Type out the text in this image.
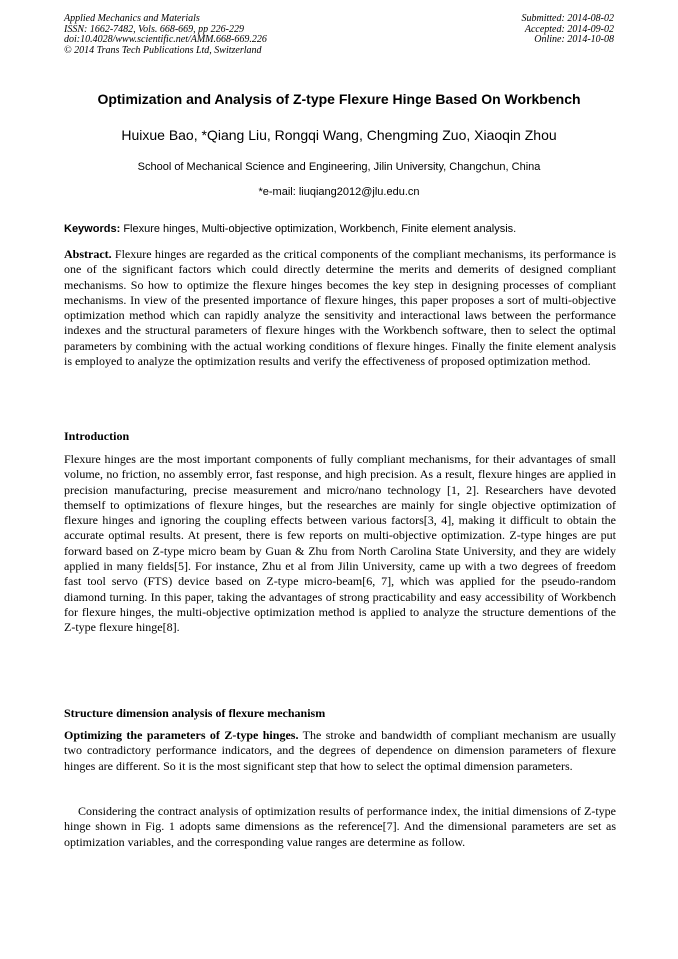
Applied Mechanics and Materials
ISSN: 1662-7482, Vols. 668-669, pp 226-229
doi:10.4028/www.scientific.net/AMM.668-669.226
© 2014 Trans Tech Publications Ltd, Switzerland
Submitted: 2014-08-02
Accepted: 2014-09-02
Online: 2014-10-08
Optimization and Analysis of Z-type Flexure Hinge Based On Workbench
Huixue Bao, *Qiang Liu, Rongqi Wang, Chengming Zuo, Xiaoqin Zhou
School of Mechanical Science and Engineering, Jilin University, Changchun, China
*e-mail: liuqiang2012@jlu.edu.cn
Keywords: Flexure hinges, Multi-objective optimization, Workbench, Finite element analysis.

Abstract. Flexure hinges are regarded as the critical components of the compliant mechanisms, its performance is one of the significant factors which could directly determine the merits and demerits of designed compliant mechanisms. So how to optimize the flexure hinges becomes the key step in designing processes of compliant mechanisms. In view of the presented importance of flexure hinges, this paper proposes a sort of multi-objective optimization method which can rapidly analyze the sensitivity and interactional laws between the performance indexes and the structural parameters of flexure hinges with the Workbench software, then to select the optimal parameters by combining with the actual working conditions of flexure hinges. Finally the finite element analysis is employed to analyze the optimization results and verify the effectiveness of proposed optimization method.

Introduction

Flexure hinges are the most important components of fully compliant mechanisms, for their advantages of small volume, no friction, no assembly error, fast response, and high precision. As a result, flexure hinges are applied in precision manufacturing, precise measurement and micro/nano technology [1, 2]. Researchers have devoted themself to optimizations of flexure hinges, but the researches are mainly for single objective optimization of flexure hinges and ignoring the coupling effects between various factors[3, 4], making it difficult to obtain the accurate optimal results. At present, there is few reports on multi-objective optimization. Z-type hinges are put forward based on Z-type micro beam by Guan & Zhu from North Carolina State University, and they are widely applied in many fields[5]. For instance, Zhu et al from Jilin University, came up with a two degrees of freedom fast tool servo (FTS) device based on Z-type micro-beam[6, 7], which was applied for the pseudo-random diamond turning. In this paper, taking the advantages of strong practicability and easy accessibility of Workbench for flexure hinges, the multi-objective optimization method is applied to analyze the structure dementions of the Z-type flexure hinge[8].

Structure dimension analysis of flexure mechanism

Optimizing the parameters of Z-type hinges. The stroke and bandwidth of compliant mechanism are usually two contradictory performance indicators, and the degrees of dependence on dimension parameters of flexure hinges are different. So it is the most significant step that how to select the optimal dimension parameters.

Considering the contract analysis of optimization results of performance index, the initial dimensions of Z-type hinge shown in Fig. 1 adopts same dimensions as the reference[7]. And the dimensional parameters are set as optimization variables, and the corresponding value ranges are determine as follow.
